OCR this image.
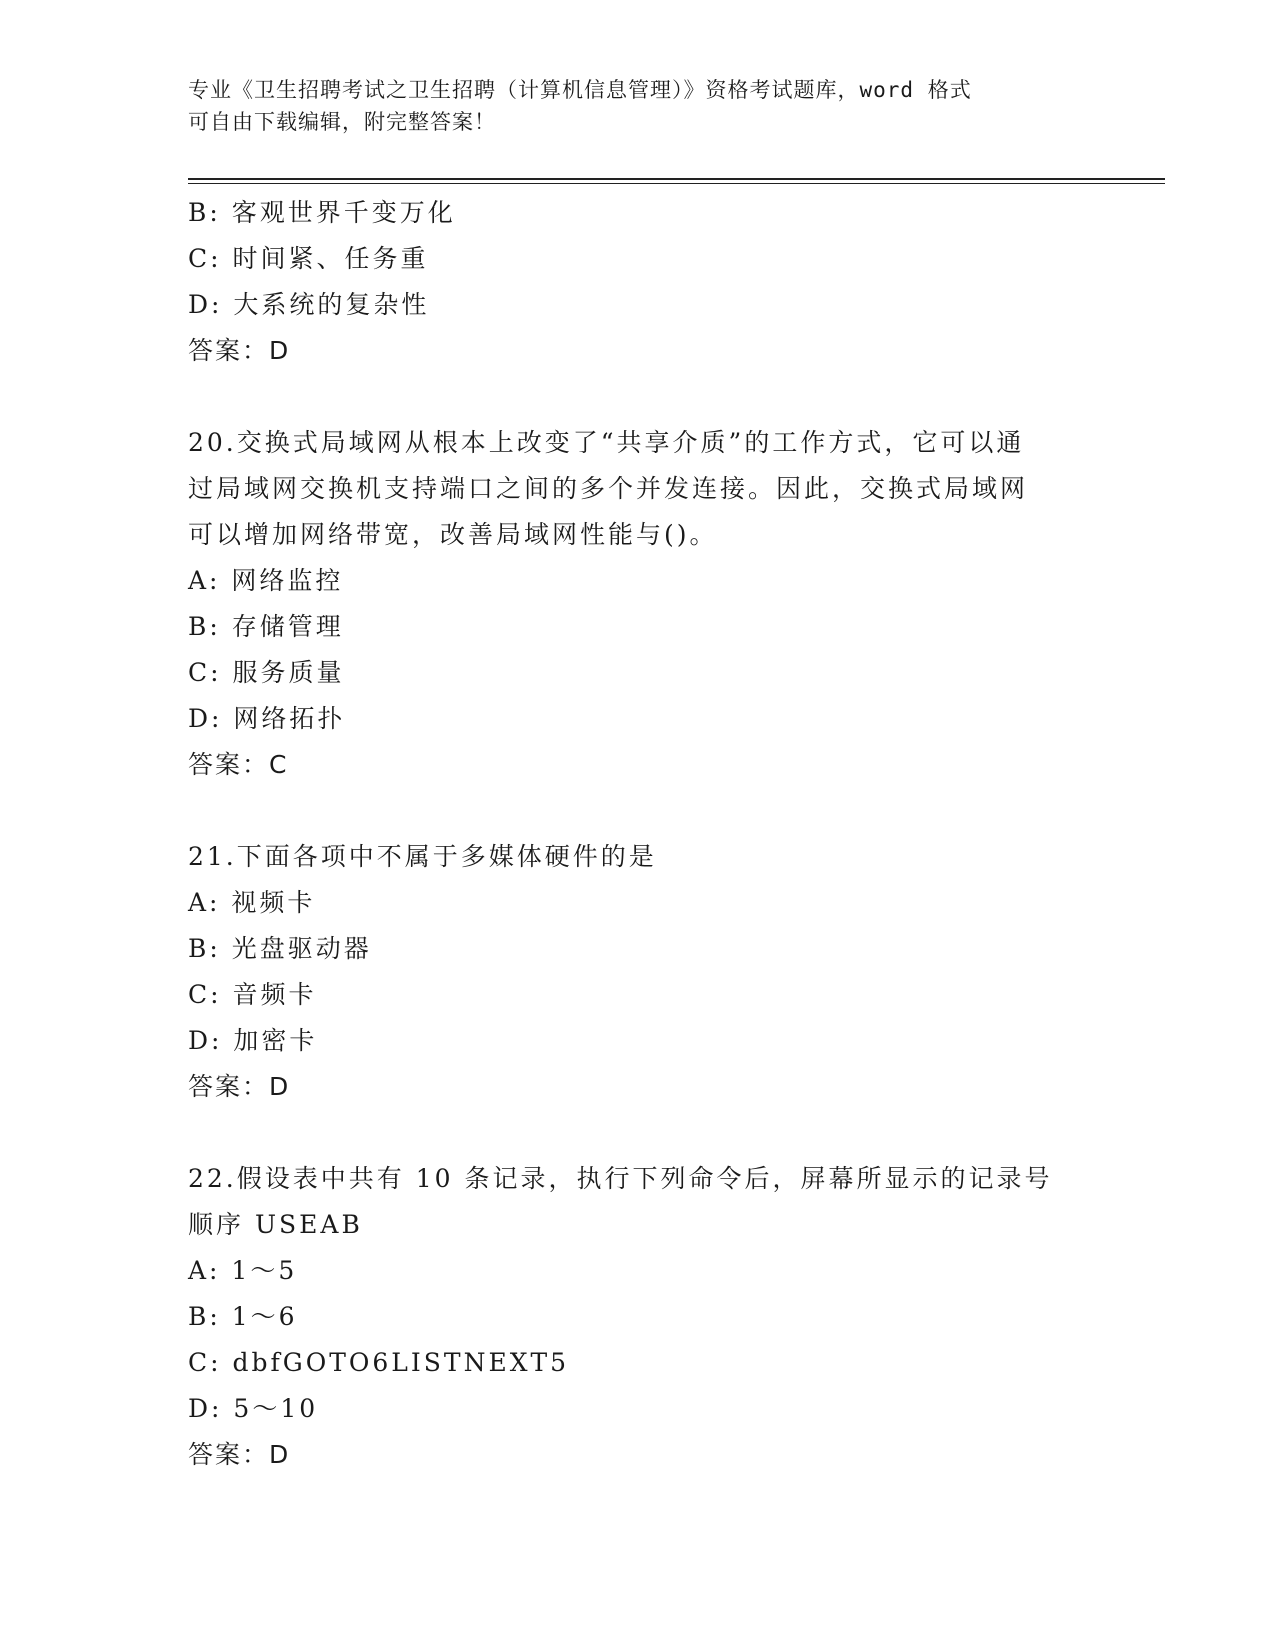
专业《卫生招聘考试之卫生招聘（计算机信息管理）》资格考试题库，word 格式
可自由下载编辑，附完整答案！
B: 客观世界千变万化
C: 时间紧、任务重
D: 大系统的复杂性
答案：D
20.交换式局域网从根本上改变了“共享介质”的工作方式，它可以通
过局域网交换机支持端口之间的多个并发连接。因此，交换式局域网
可以增加网络带宽，改善局域网性能与()。
A: 网络监控
B: 存储管理
C: 服务质量
D: 网络拓扑
答案：C
21.下面各项中不属于多媒体硬件的是
A: 视频卡
B: 光盘驱动器
C: 音频卡
D: 加密卡
答案：D
22.假设表中共有 10 条记录，执行下列命令后，屏幕所显示的记录号
顺序 USEAB
A: 1～5
B: 1～6
C: dbfGOTO6LISTNEXT5
D: 5～10
答案：D
